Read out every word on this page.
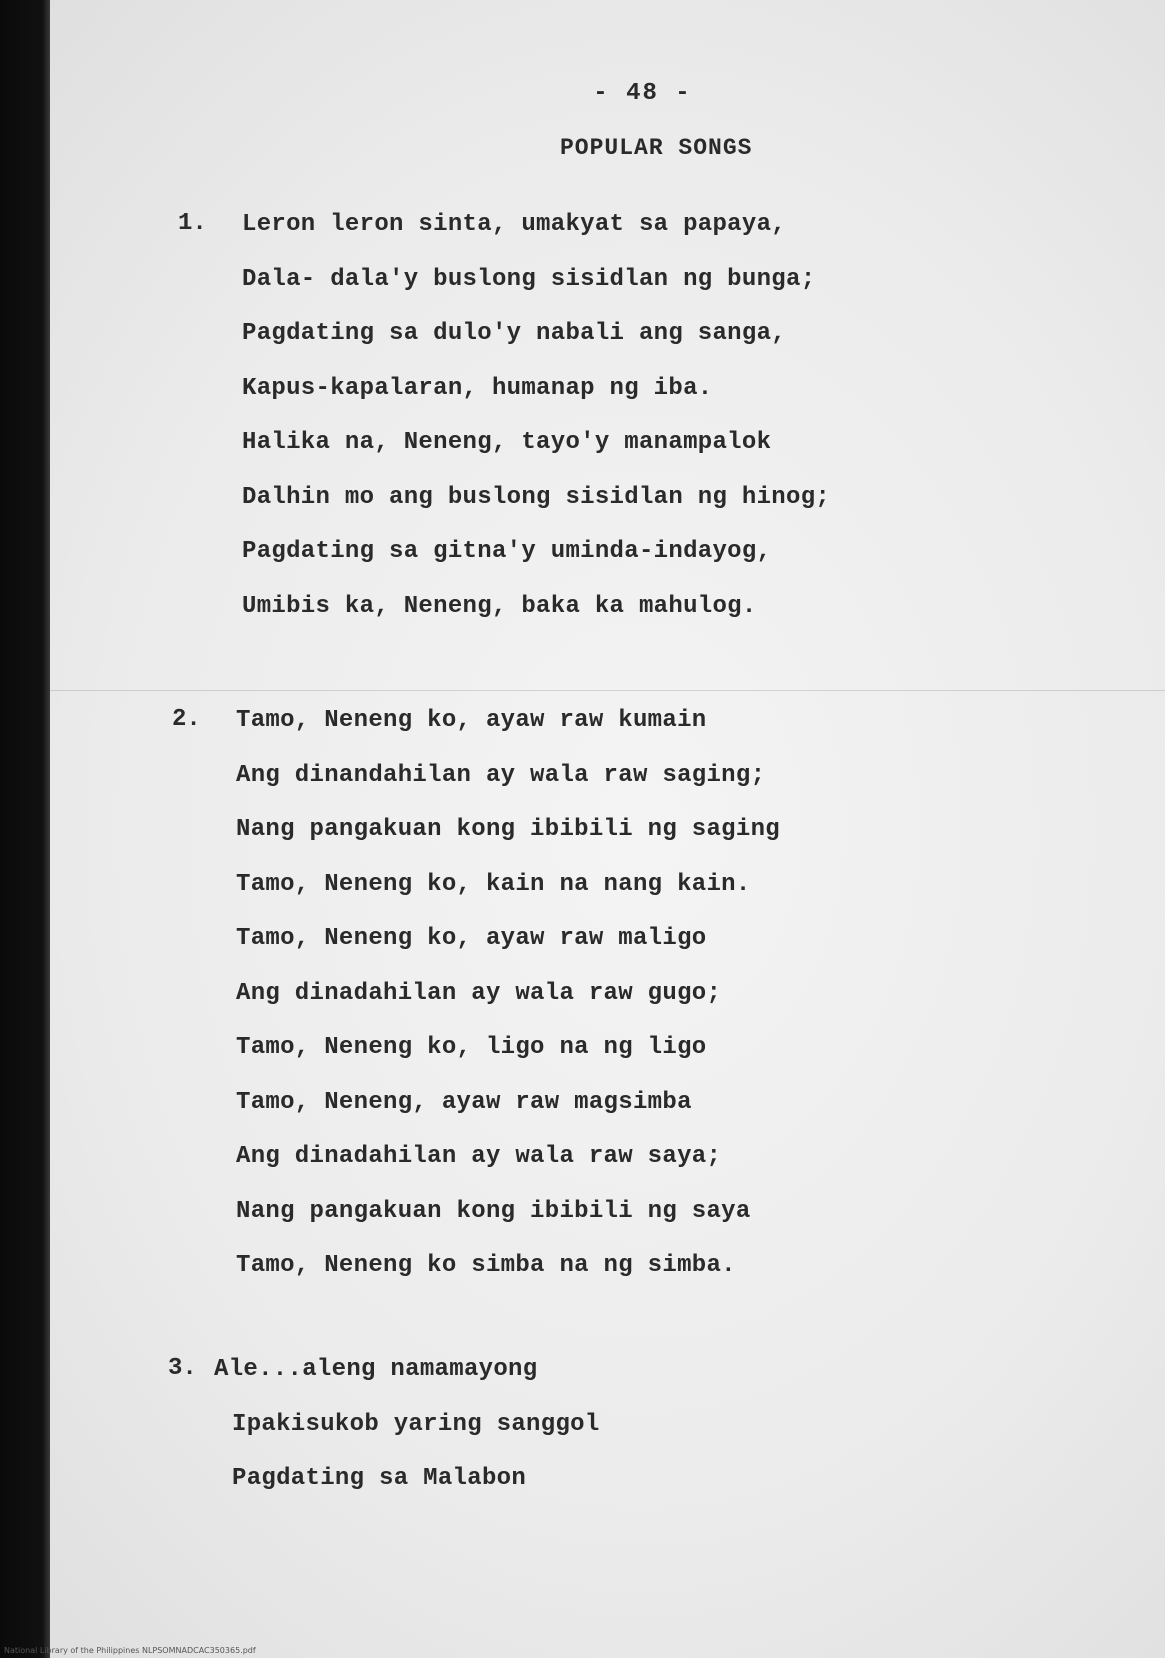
- 48 -
POPULAR SONGS
1. Leron leron sinta, umakyat sa papaya,
Dala- dala'y buslong sisidlan ng bunga;
Pagdating sa dulo'y nabali ang sanga,
Kapus-kapalaran, humanap ng iba.
Halika na, Neneng, tayo'y manampalok
Dalhin mo ang buslong sisidlan ng hinog;
Pagdating sa gitna'y uminda-indayog,
Umibis ka, Neneng, baka ka mahulog.
2. Tamo, Neneng ko, ayaw raw kumain
Ang dinandahilan ay wala raw saging;
Nang pangakuan kong ibibili ng saging
Tamo, Neneng ko, kain na nang kain.
Tamo, Neneng ko, ayaw raw maligo
Ang dinadahilan ay wala raw gugo;
Tamo, Neneng ko, ligo na ng ligo
Tamo, Neneng, ayaw raw magsimba
Ang dinadahilan ay wala raw saya;
Nang pangakuan kong ibibili ng saya
Tamo, Neneng ko simba na ng simba.
3. Ale...aleng namamayong
Ipakisukob yaring sanggol
Pagdating sa Malabon
National Library of the Philippines NLPSOMNADCAC350365.pdf
